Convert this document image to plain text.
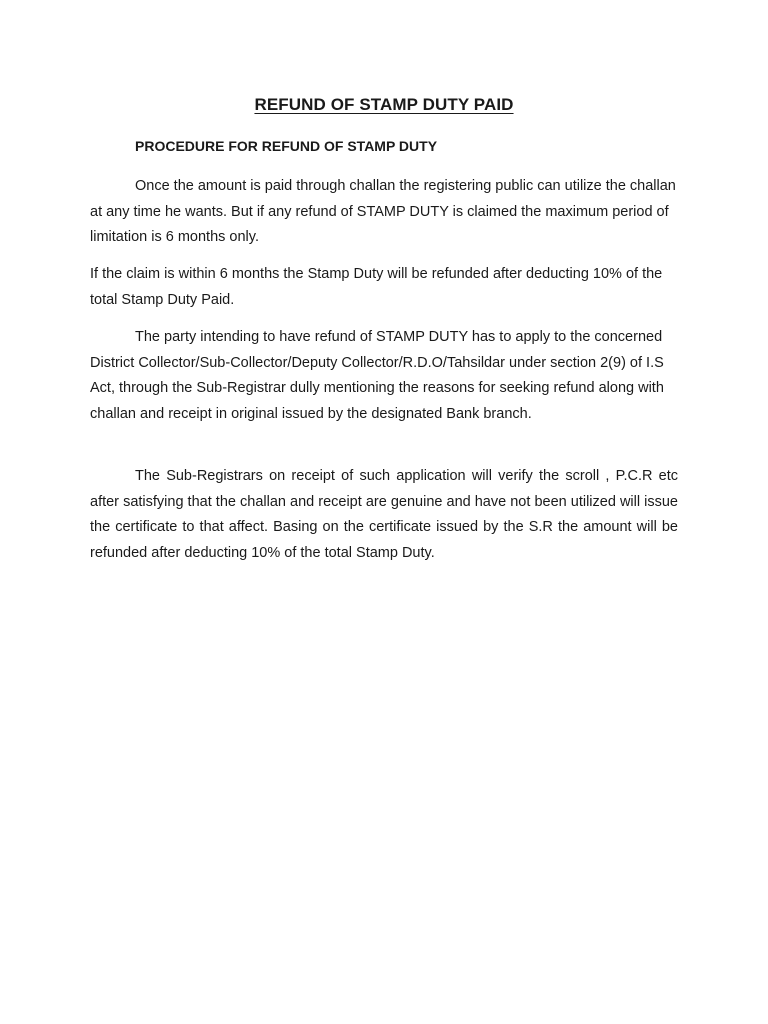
REFUND OF STAMP DUTY PAID
PROCEDURE FOR REFUND OF STAMP DUTY

Once the amount is paid through challan the registering public can utilize the challan at any time he wants. But if any refund of STAMP DUTY is claimed the maximum period of limitation is 6 months only.

If the claim is within 6 months the Stamp Duty will be refunded after deducting 10% of the total Stamp Duty Paid.

The party intending to have refund of STAMP DUTY has to apply to the concerned District Collector/Sub-Collector/Deputy Collector/R.D.O/Tahsildar under section 2(9) of I.S Act, through the Sub-Registrar dully mentioning the reasons for seeking refund along with challan and receipt in original issued by the designated Bank branch.

The Sub-Registrars on receipt of such application will verify the scroll , P.C.R etc after satisfying that the challan and receipt are genuine and have not been utilized will issue the certificate to that affect. Basing on the certificate issued by the S.R the amount will be refunded after deducting 10% of the total Stamp Duty.
